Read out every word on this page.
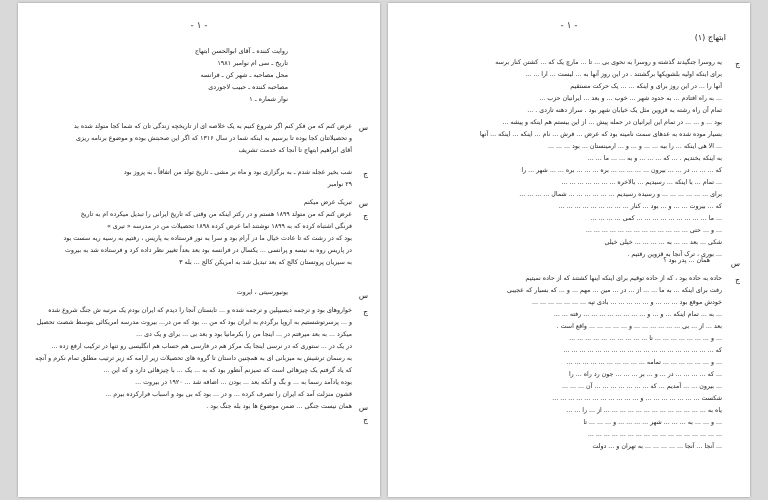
- ۱ -
روایت کننده ـ آقای ابوالحسن ابتهاج
تاریخ ـ سی ام نوامبر ۱۹۸۱
محل مصاحبه ـ شهر کن ـ فرانسه
مصاحبه کننده ـ حبیب لاجوردی
نوار شماره ـ ۱
س
عرض کنم که من فکر کنم اگر شروع کنیم به یک خلاصه ای از تاریخچه زندگی تان که شما کجا متولد شده بد
و تحصیلاتتان کجا بوده تا برسیم به اینکه شما در سال ۱۳۱۶ که اگر این صحبتش بوده و موضوع برنامه ریزی
آقای ابراهیم ابتهاج تا آنجا که خدمت تشریف
ج
شب بخیر عجله شدم ـ به برگزاری بود و ماه بر مشی ـ تاریخ تولد من اتفاقاً ـ به پروز بود
۲۹ نوامبر
س
ج
تبریک عرض میکنم
عرض کنم که من متولد ۱۸۹۹ هستم و در رکتر اینکه من وقتی که تاریخ ایرانی را تبدیل میکرده ام به تاریخ
فرنگی اشتباه کرده که به ۱۸۹۹ نوشتند اما عرض کرده ۱۸۹۸ تحصیلات من در مدرسه « تیری »
بود که در رشت که تا عادت خیال ما در آرام بود و سرا به نور فرستاده به پاریس ، رفتیم به رسیه ریه سست بود
در پاریس روه به نیسه و پرانسی ... یکسال در فرانسه بود بعد بعداً تغییر نظر داده کرد و فرستاده شد به بیروت
به سیریان پروتستان کالج که بعد تبدیل شد به امریکن کالج ... بله ۳
س
یونیورسیتی ، ایروت
ج
خواروهای بود و ترجمه دیسیپلین و ترجمه شده و ... تابستان آنجا را دیدم که ایران بودم یک مرتبه ش جنگ شروع شده
و ... پرسرتوشستیم به اروپا برگردم به ایران بود که من ... بود که من در... بیروت مدرسه امریکائی بتوسط شصت تحصیل
میکرد ... به بعد میرفتم در ... اینجا من را بکرمانیا بود و بعد بی ... برای و یک دی ...
در یک در ... ستوری که در نرسی اینجا یک مرکز هم در فارسی هم حساب هم انگلیسی رو تنها در ترکیب ارفع زده ...
به رسمان ترشیش به میزبانی ای به همچنین داستان تا گروه های تحصیلات زیر ارامه که زیر ترتیب مطلق تمام نکرم و آنچه
که یاد گرفتم یک چیزهائی است که تمیزنم آنطور بود که به ... یک ... با چیزهائی دارد و که این ...
بوده یادآمد رسما به ... و بگ و آنکه بعد ... بودن ... اضافه شد ... ۱۹۲۰ در بیروت ...
قشون منزلت آمد که ایران را تصرف کرده ... و در ... بود که بی بود و اسباب فرارکرده بیرم ...
همان نیست جنگی ... ضمن موضوع ها بود بله جنگ بود . س
ج
- ۱ -
ابتهاج (۱)
ج
یه روسرا جنگیدند گذشته و روسرا به نحوی بی ... تا ... مارچ یک که ... کشتن کنار برسه
برای اینکه اولیه بلشویکها برگشتند . در این روز آنها به ... لیست ... ارا ... ...
آنها را ... در این روز برای و اینکه ... ... یک حرکت مستقیم
... به راه افتادم ... به حدود شهر ... خوب ... و بعد ... ایرانیان حزب ...
تمام آن راه رشته به قزوین مثل یک خیابان شهر بود . سراز دهنه تاردی . ...
بود ... و ... ... در تمام این ایرانیان در حمله پیش ... از این بیستم هم اینکه و پیشه ...
بسیار موده شده به عدهای سمت نامینه بود که عرض ... فرش ... نام ... اینکه ... اینکه ... آنها
... الا هی اینکه ... را بیه ... ... و ... و ... ارمینستان ... بود ... ... ...
به اینکه بخندیم . ... که ... ... ... و به ... ... ما ... ...
که ... ... ... در ... ... بیرون ... ... ... ... ... بره ... ... ... بره ... ... شهر ... را
... تمام ... با اینکه ... رسیدیم ... بالاخره ... ... ... ... ... ... ...
برای ... ... ... ... ... ... و رسیده رسیدیم ... ... ... ... ... ... شمال ... ... ... ...
که ... بیروت ... ... و ... بود ... کنار ... ... ... ... ... ... ... ... ...
... ما ... ... ... ... ... ... ... ... ... کمی ... ... ... ...
... و ... حتی ... ... ... ... ... ... ... ... ... ... ... ... ...
شکی ... بعد ... ... به ... ... ... ... خیلی خیلی
... بوری ، ترک آنجا به قزوین رفتیم .
س
همان ... پدر بود ؟
ج
حاده به حاده بود ، که از حاده توقیم برای اینکه اینها کشتند که از حاده نمیتیم
رفت برای اینکه ... به ما ... ... از ... در ... مین ... مهم ... و ... که بسیار که عجیبی
خودش موقع بود ... ... ... و ... ... ... ... ... بادی تپه ... ... ... ... ... ... ...
... به ... تمام اینکه ... و ... و ... ... ... ... ... ... ... ... رفته ... ...
بعد ... از ... بی ... ... ... ... ... ... و ... ... ... ... ... واقع است .
... و ... ... ... ... ... ... ... تا ... ... ... ... ... ... ... ... ... ...
که ... ... ... ... ... ... ... ... ... ... ... ... ... ... ... ... ... ... ...
... و ... ... ... ... ... ... تمامه ... ... ... ... ... ... ... ... ... ...
... که ... ... ... ... در ... و ... بر ... ... ... جون رد راه ... را
... بیرون ... ... آمدیم ... که ... ... ... ... ... ... ... آن ... ... ...
شکست ... ... ... ... ... ... ... و ... ... ... ... ... ... ... ... ... ... ...
یاه به ... ... ... ... ... ... ... ... ... ... ... ... ... از ... را ... ...
... و ... ... به ... ... ... شهر ... ... ... ... و ... ... ... تا
... ... ... ... ... ... ... ... ... ... ... ... ... ... ... ... ...
... آنجا ... آنجا ... ... ... ... ... به تهران و ... دولت
